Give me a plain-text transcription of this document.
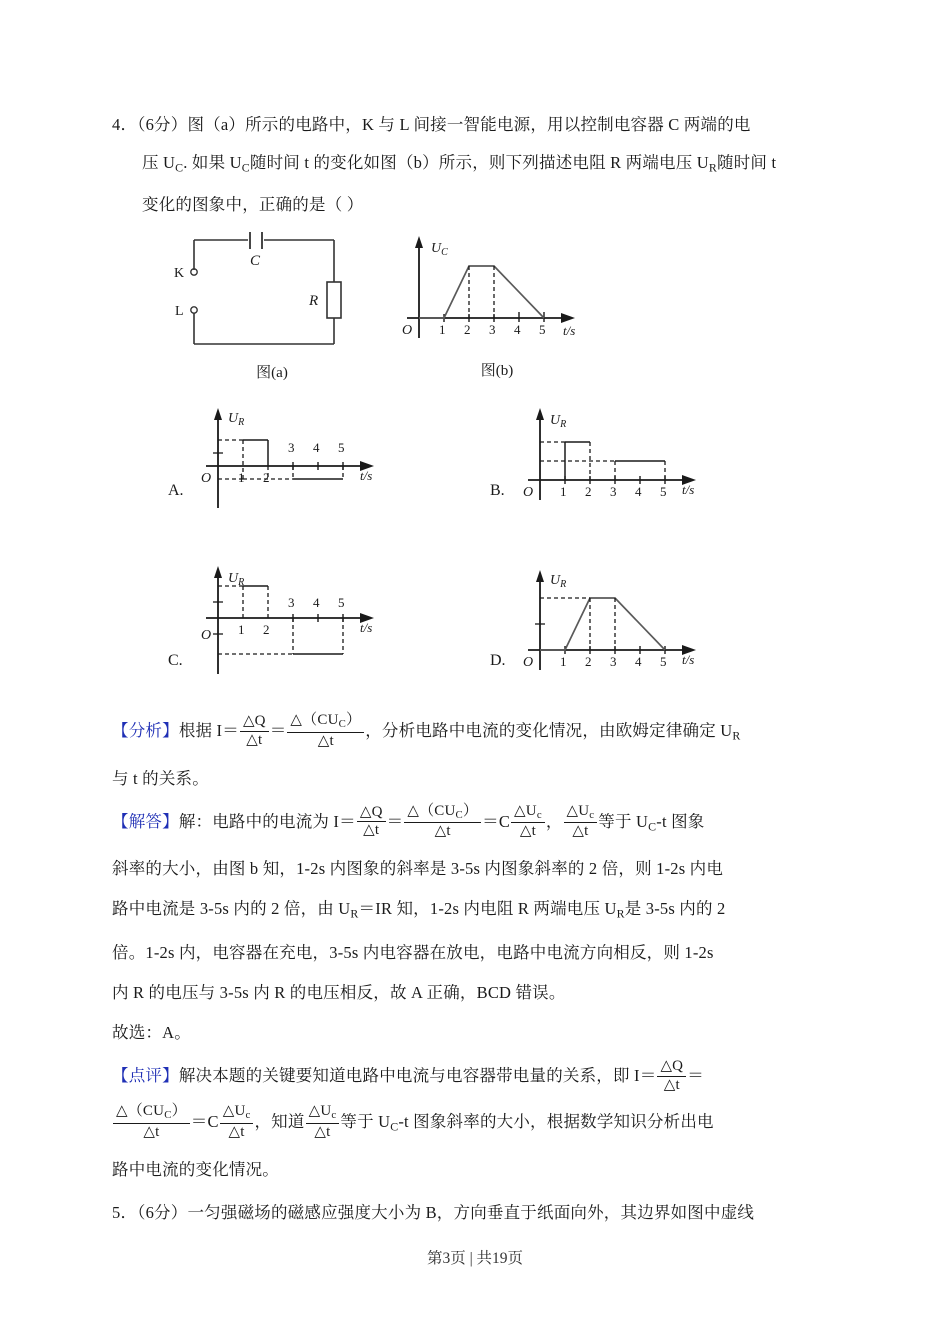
4．（6分）图（a）所示的电路中，K 与 L 间接一智能电源，用以控制电容器 C 两端的电
压 $U_C$. 如果 $U_C$随时间 t 的变化如图（b）所示，则下列描述电阻 R 两端电压 $U_R$随时间 t
变化的图象中，正确的是（ ）
K
L
C
R
图(a)
$U_C$
O 1 2 3 4 5 t/s
图(b)
A.
$U_R$
O 1 2
3 4 5
t/s
B.
$U_R$
O 1 2 3 4 5 t/s
C.
$U_R$
O 1 2
3 4 5
t/s
D.
$U_R$
O 1 2 3 4 5 t/s
【分析】根据 $I= \frac{\triangle Q}{\triangle t} = \frac{\triangle(CU_C)}{\triangle t}$ ，分析电路中电流的变化情况，由欧姆定律确定 $U_R$
与 t 的关系。
【解答】解：电路中的电流为 $I= \frac{\triangle Q}{\triangle t} = \frac{\triangle(CU_C)}{\triangle t} =C \frac{\triangle U_c}{\triangle t}$ ， $\frac{\triangle U_c}{\triangle t}$ 等于 $U_C‑t$ 图象
斜率的大小，由图 b 知，1‑2s 内图象的斜率是 3‑5s 内图象斜率的 2 倍，则 1‑2s 内电
路中电流是 3‑5s 内的 2 倍，由 $U_R=IR$ 知，1‑2s 内电阻 R 两端电压 $U_R$是 3‑5s 内的 2
倍。1‑2s 内，电容器在充电，3‑5s 内电容器在放电，电路中电流方向相反，则 1‑2s
内 R 的电压与 3‑5s 内 R 的电压相反，故 A 正确，BCD 错误。
故选：A。
【点评】解决本题的关键要知道电路中电流与电容器带电量的关系，即 $I= \frac{\triangle Q}{\triangle t}$ ＝
$\frac{\triangle(CU_C)}{\triangle t} =C \frac{\triangle U_c}{\triangle t}$ ，知道 $\frac{\triangle U_c}{\triangle t}$ 等于 $U_C‑t$ 图象斜率的大小，根据数学知识分析出电
路中电流的变化情况。
5．（6分）一匀强磁场的磁感应强度大小为 B，方向垂直于纸面向外，其边界如图中虚线
第3页 | 共19页
